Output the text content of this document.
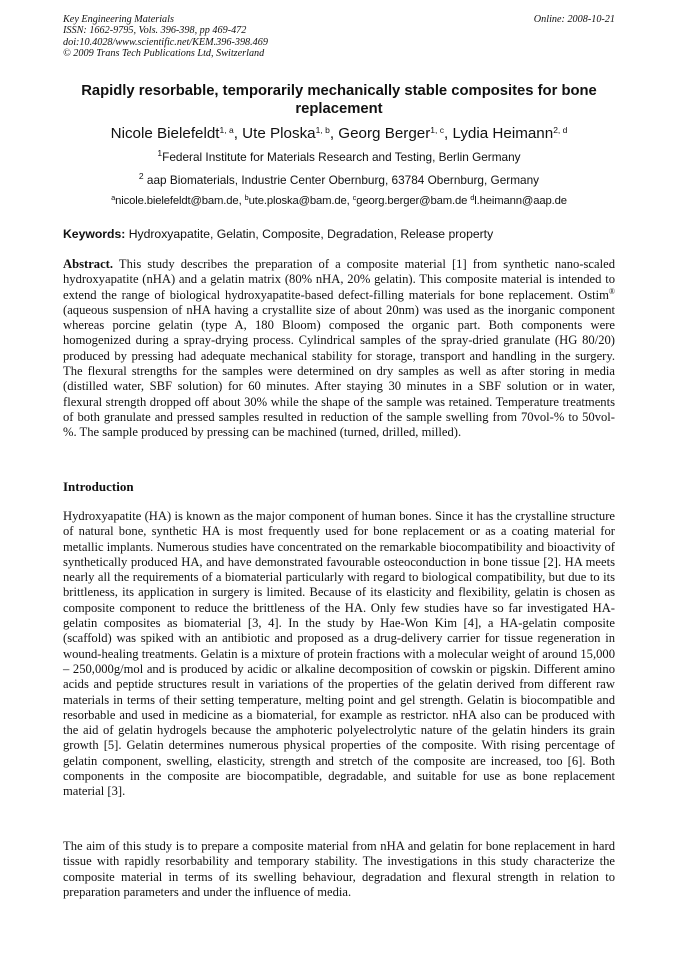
Key Engineering Materials
ISSN: 1662-9795, Vols. 396-398, pp 469-472
doi:10.4028/www.scientific.net/KEM.396-398.469
© 2009 Trans Tech Publications Ltd, Switzerland
Online: 2008-10-21
Rapidly resorbable, temporarily mechanically stable composites for bone replacement
Nicole Bielefeldt$^{1, a}$, Ute Ploska$^{1, b}$, Georg Berger$^{1, c}$, Lydia Heimann$^{2, d}$
$^1$Federal Institute for Materials Research and Testing, Berlin Germany
$^2$ aap Biomaterials, Industrie Center Obernburg, 63784 Obernburg, Germany
$^a$nicole.bielefeldt@bam.de, $^b$ute.ploska@bam.de, $^c$georg.berger@bam.de $^d$l.heimann@aap.de
Keywords: Hydroxyapatite, Gelatin, Composite, Degradation, Release property
Abstract. This study describes the preparation of a composite material [1] from synthetic nano-scaled hydroxyapatite (nHA) and a gelatin matrix (80% nHA, 20% gelatin). This composite material is intended to extend the range of biological hydroxyapatite-based defect-filling materials for bone replacement. Ostim® (aqueous suspension of nHA having a crystallite size of about 20nm) was used as the inorganic component whereas porcine gelatin (type A, 180 Bloom) composed the organic part. Both components were homogenized during a spray-drying process. Cylindrical samples of the spray-dried granulate (HG 80/20) produced by pressing had adequate mechanical stability for storage, transport and handling in the surgery. The flexural strengths for the samples were determined on dry samples as well as after storing in media (distilled water, SBF solution) for 60 minutes. After staying 30 minutes in a SBF solution or in water, flexural strength dropped off about 30% while the shape of the sample was retained. Temperature treatments of both granulate and pressed samples resulted in reduction of the sample swelling from 70vol-% to 50vol-%. The sample produced by pressing can be machined (turned, drilled, milled).
Introduction
Hydroxyapatite (HA) is known as the major component of human bones. Since it has the crystalline structure of natural bone, synthetic HA is most frequently used for bone replacement or as a coating material for metallic implants. Numerous studies have concentrated on the remarkable biocompatibility and bioactivity of synthetically produced HA, and have demonstrated favourable osteoconduction in bone tissue [2]. HA meets nearly all the requirements of a biomaterial particularly with regard to biological compatibility, but due to its brittleness, its application in surgery is limited. Because of its elasticity and flexibility, gelatin is chosen as composite component to reduce the brittleness of the HA. Only few studies have so far investigated HA-gelatin composites as biomaterial [3, 4]. In the study by Hae-Won Kim [4], a HA-gelatin composite (scaffold) was spiked with an antibiotic and proposed as a drug-delivery carrier for tissue regeneration in wound-healing treatments. Gelatin is a mixture of protein fractions with a molecular weight of around 15,000 – 250,000g/mol and is produced by acidic or alkaline decomposition of cowskin or pigskin. Different amino acids and peptide structures result in variations of the properties of the gelatin derived from different raw materials in terms of their setting temperature, melting point and gel strength. Gelatin is biocompatible and resorbable and used in medicine as a biomaterial, for example as restrictor. nHA also can be produced with the aid of gelatin hydrogels because the amphoteric polyelectrolytic nature of the gelatin hinders its grain growth [5]. Gelatin determines numerous physical properties of the composite. With rising percentage of gelatin component, swelling, elasticity, strength and stretch of the composite are increased, too [6]. Both components in the composite are biocompatible, degradable, and suitable for use as bone replacement material [3].
The aim of this study is to prepare a composite material from nHA and gelatin for bone replacement in hard tissue with rapidly resorbability and temporary stability. The investigations in this study characterize the composite material in terms of its swelling behaviour, degradation and flexural strength in relation to preparation parameters and under the influence of media.
